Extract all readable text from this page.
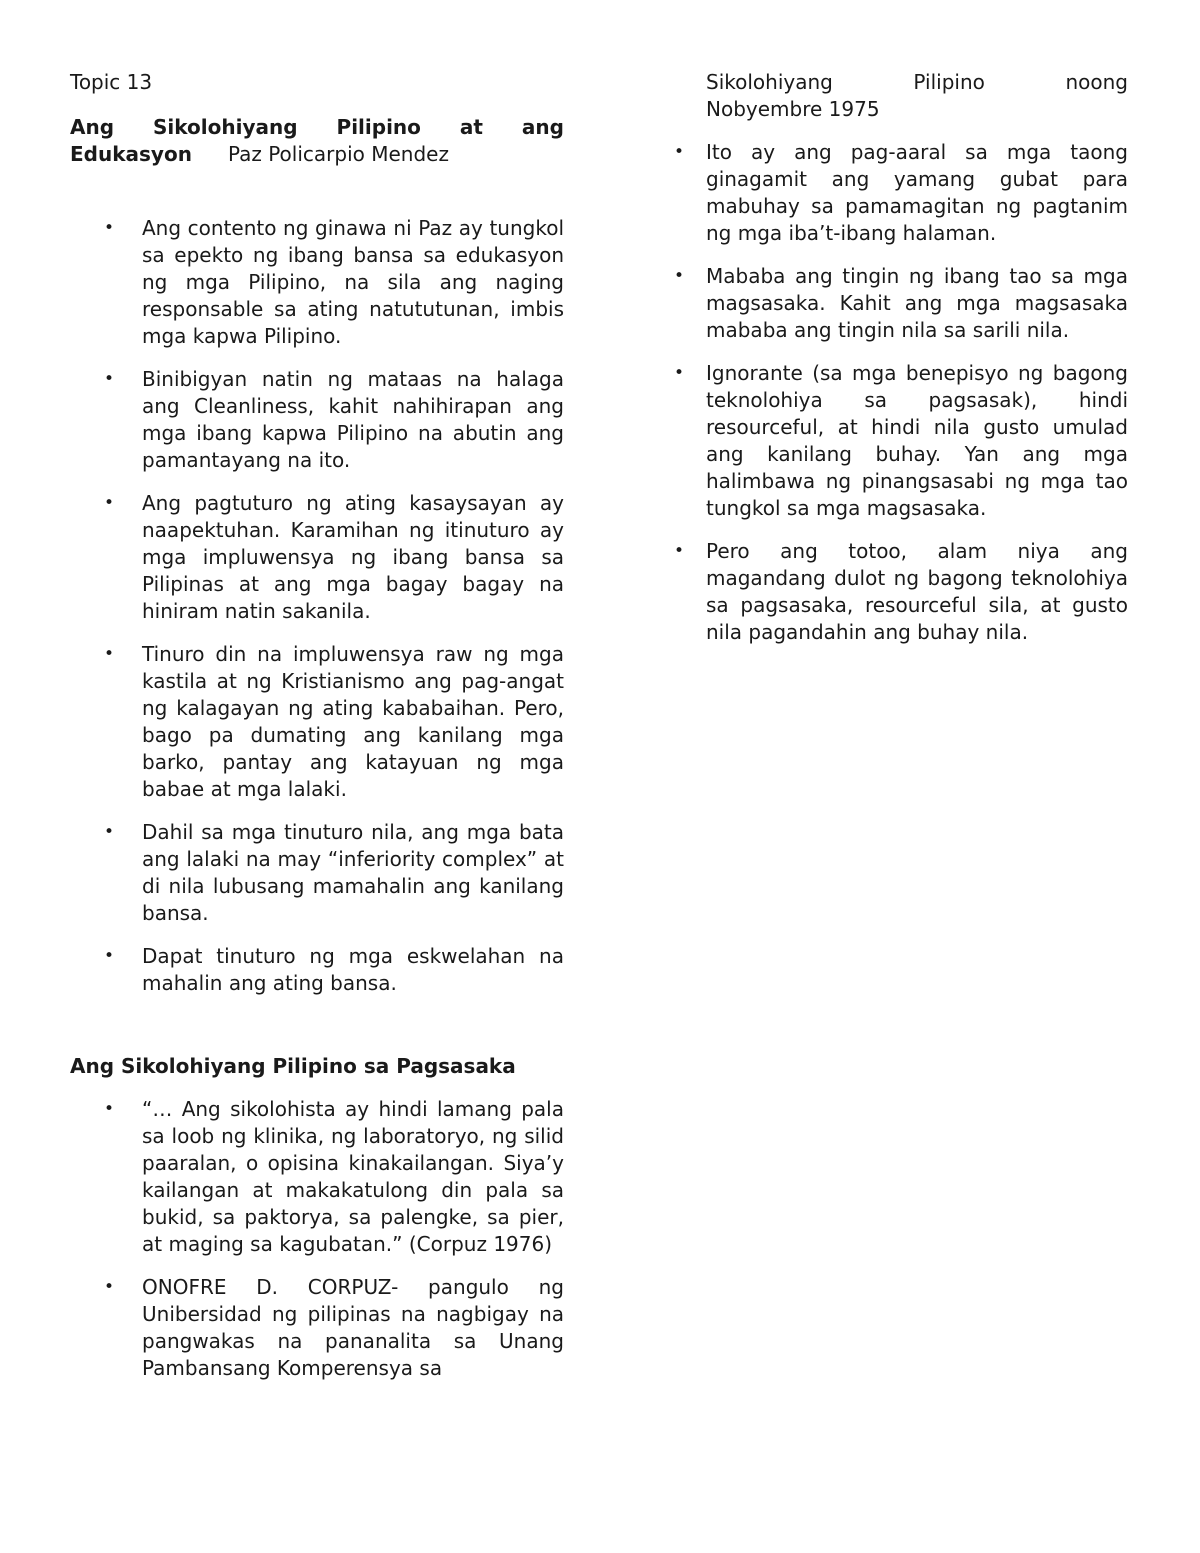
Topic 13

Ang Sikolohiyang Pilipino at ang

Edukasyon Paz Policarpio Mendez

• Ang contento ng ginawa ni Paz ay tungkol sa epekto ng ibang bansa sa edukasyon ng mga Pilipino, na sila ang naging responsable sa ating natututunan, imbis mga kapwa Pilipino.
• Binibigyan natin ng mataas na halaga ang Cleanliness, kahit nahihirapan ang mga ibang kapwa Pilipino na abutin ang pamantayang na ito.
• Ang pagtuturo ng ating kasaysayan ay naapektuhan. Karamihan ng itinuturo ay mga impluwensya ng ibang bansa sa Pilipinas at ang mga bagay bagay na hiniram natin sakanila.
• Tinuro din na impluwensya raw ng mga kastila at ng Kristianismo ang pag-angat ng kalagayan ng ating kababaihan. Pero, bago pa dumating ang kanilang mga barko, pantay ang katayuan ng mga babae at mga lalaki.
• Dahil sa mga tinuturo nila, ang mga bata ang lalaki na may “inferiority complex” at di nila lubusang mamahalin ang kanilang bansa.
• Dapat tinuturo ng mga eskwelahan na mahalin ang ating bansa.

Ang Sikolohiyang Pilipino sa Pagsasaka

• “… Ang sikolohista ay hindi lamang pala sa loob ng klinika, ng laboratoryo, ng silid paaralan, o opisina kinakailangan. Siya’y kailangan at makakatulong din pala sa bukid, sa paktorya, sa palengke, sa pier, at maging sa kagubatan.” (Corpuz 1976)
• ONOFRE D. CORPUZ- pangulo ng Unibersidad ng pilipinas na nagbigay na pangwakas na pananalita sa Unang Pambansang Komperensya sa

Sikolohiyang Pilipino noong

Nobyembre 1975

• Ito ay ang pag-aaral sa mga taong ginagamit ang yamang gubat para mabuhay sa pamamagitan ng pagtanim ng mga iba’t-ibang halaman.
• Mababa ang tingin ng ibang tao sa mga magsasaka. Kahit ang mga magsasaka mababa ang tingin nila sa sarili nila.
• Ignorante (sa mga benepisyo ng bagong teknolohiya sa pagsasak), hindi resourceful, at hindi nila gusto umulad ang kanilang buhay. Yan ang mga halimbawa ng pinangsasabi ng mga tao tungkol sa mga magsasaka.
• Pero ang totoo, alam niya ang magandang dulot ng bagong teknolohiya sa pagsasaka, resourceful sila, at gusto nila pagandahin ang buhay nila.
